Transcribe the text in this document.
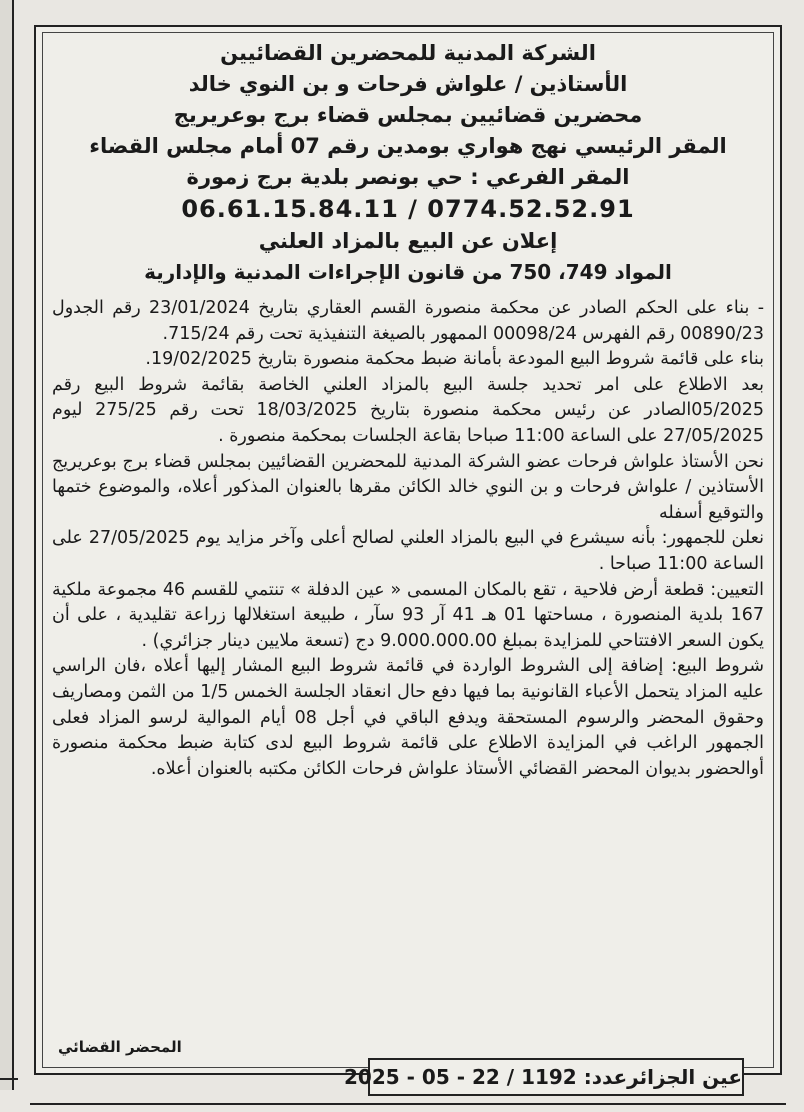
الشركة المدنية للمحضرين القضائيين
الأستاذين / علواش فرحات و بن النوي خالد
محضرين قضائيين بمجلس قضاء برج بوعريريج
المقر الرئيسي نهج هواري بومدين رقم 07 أمام مجلس القضاء
المقر الفرعي : حي بونصر بلدية برج زمورة
06.61.15.84.11 / 0774.52.52.91
إعلان عن البيع بالمزاد العلني
المواد 749، 750 من قانون الإجراءات المدنية والإدارية

- بناء على الحكم الصادر عن محكمة منصورة القسم العقاري بتاريخ 23/01/2024 رقم الجدول 00890/23 رقم الفهرس 00098/24 الممهور بالصيغة التنفيذية تحت رقم 715/24.

بناء على قائمة شروط البيع المودعة بأمانة ضبط محكمة منصورة بتاريخ 19/02/2025.

بعد الاطلاع على امر تحديد جلسة البيع بالمزاد العلني الخاصة بقائمة شروط البيع رقم 05/2025الصادر عن رئيس محكمة منصورة بتاريخ 18/03/2025 تحت رقم 275/25 ليوم 27/05/2025 على الساعة 11:00 صباحا بقاعة الجلسات بمحكمة منصورة .

نحن الأستاذ علواش فرحات عضو الشركة المدنية للمحضرين القضائيين بمجلس قضاء برج بوعريريج الأستاذين / علواش فرحات و بن النوي خالد الكائن مقرها بالعنوان المذكور أعلاه، والموضوع ختمها والتوقيع أسفله

نعلن للجمهور: بأنه سيشرع في البيع بالمزاد العلني لصالح أعلى وآخر مزايد يوم 27/05/2025 على الساعة 11:00 صباحا .

التعيين: قطعة أرض فلاحية ، تقع بالمكان المسمى « عين الدفلة » تنتمي للقسم 46 مجموعة ملكية 167 بلدية المنصورة ، مساحتها 01 هـ 41 آر 93 سآر ، طبيعة استغلالها زراعة تقليدية ، على أن يكون السعر الافتتاحي للمزايدة بمبلغ 9.000.000.00 دج (تسعة ملايين دينار جزائري) .

شروط البيع: إضافة إلى الشروط الواردة في قائمة شروط البيع المشار إليها أعلاه ،فان الراسي عليه المزاد يتحمل الأعباء القانونية بما فيها دفع حال انعقاد الجلسة الخمس 1/5 من الثمن ومصاريف وحقوق المحضر والرسوم المستحقة ويدفع الباقي في أجل 08 أيام الموالية لرسو المزاد فعلى الجمهور الراغب في المزايدة الاطلاع على قائمة شروط البيع لدى كتابة ضبط محكمة منصورة أوالحضور بديوان المحضر القضائي الأستاذ علواش فرحات الكائن مكتبه بالعنوان أعلاه.

المحضر القضائي
عين الجزائرعدد: 1192 / 22 - 05 - 2025
